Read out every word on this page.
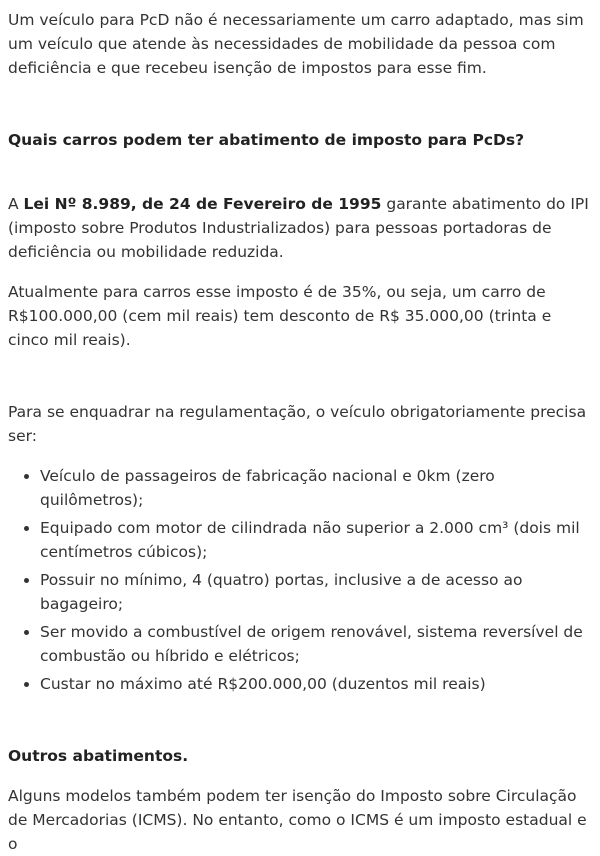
Um veículo para PcD não é necessariamente um carro adaptado, mas sim um veículo que atende às necessidades de mobilidade da pessoa com deficiência e que recebeu isenção de impostos para esse fim.

Quais carros podem ter abatimento de imposto para PcDs?

A Lei Nº 8.989, de 24 de Fevereiro de 1995 garante abatimento do IPI (imposto sobre Produtos Industrializados) para pessoas portadoras de deficiência ou mobilidade reduzida.

Atualmente para carros esse imposto é de 35%, ou seja, um carro de R$100.000,00 (cem mil reais) tem desconto de R$ 35.000,00 (trinta e cinco mil reais).

Para se enquadrar na regulamentação, o veículo obrigatoriamente precisa ser:

• Veículo de passageiros de fabricação nacional e 0km (zero quilômetros);
• Equipado com motor de cilindrada não superior a 2.000 cm³ (dois mil centímetros cúbicos);
• Possuir no mínimo, 4 (quatro) portas, inclusive a de acesso ao bagageiro;
• Ser movido a combustível de origem renovável, sistema reversível de combustão ou híbrido e elétricos;
• Custar no máximo até R$200.000,00 (duzentos mil reais)
Outros abatimentos.

Alguns modelos também podem ter isenção do Imposto sobre Circulação de Mercadorias (ICMS). No entanto, como o ICMS é um imposto estadual e o
